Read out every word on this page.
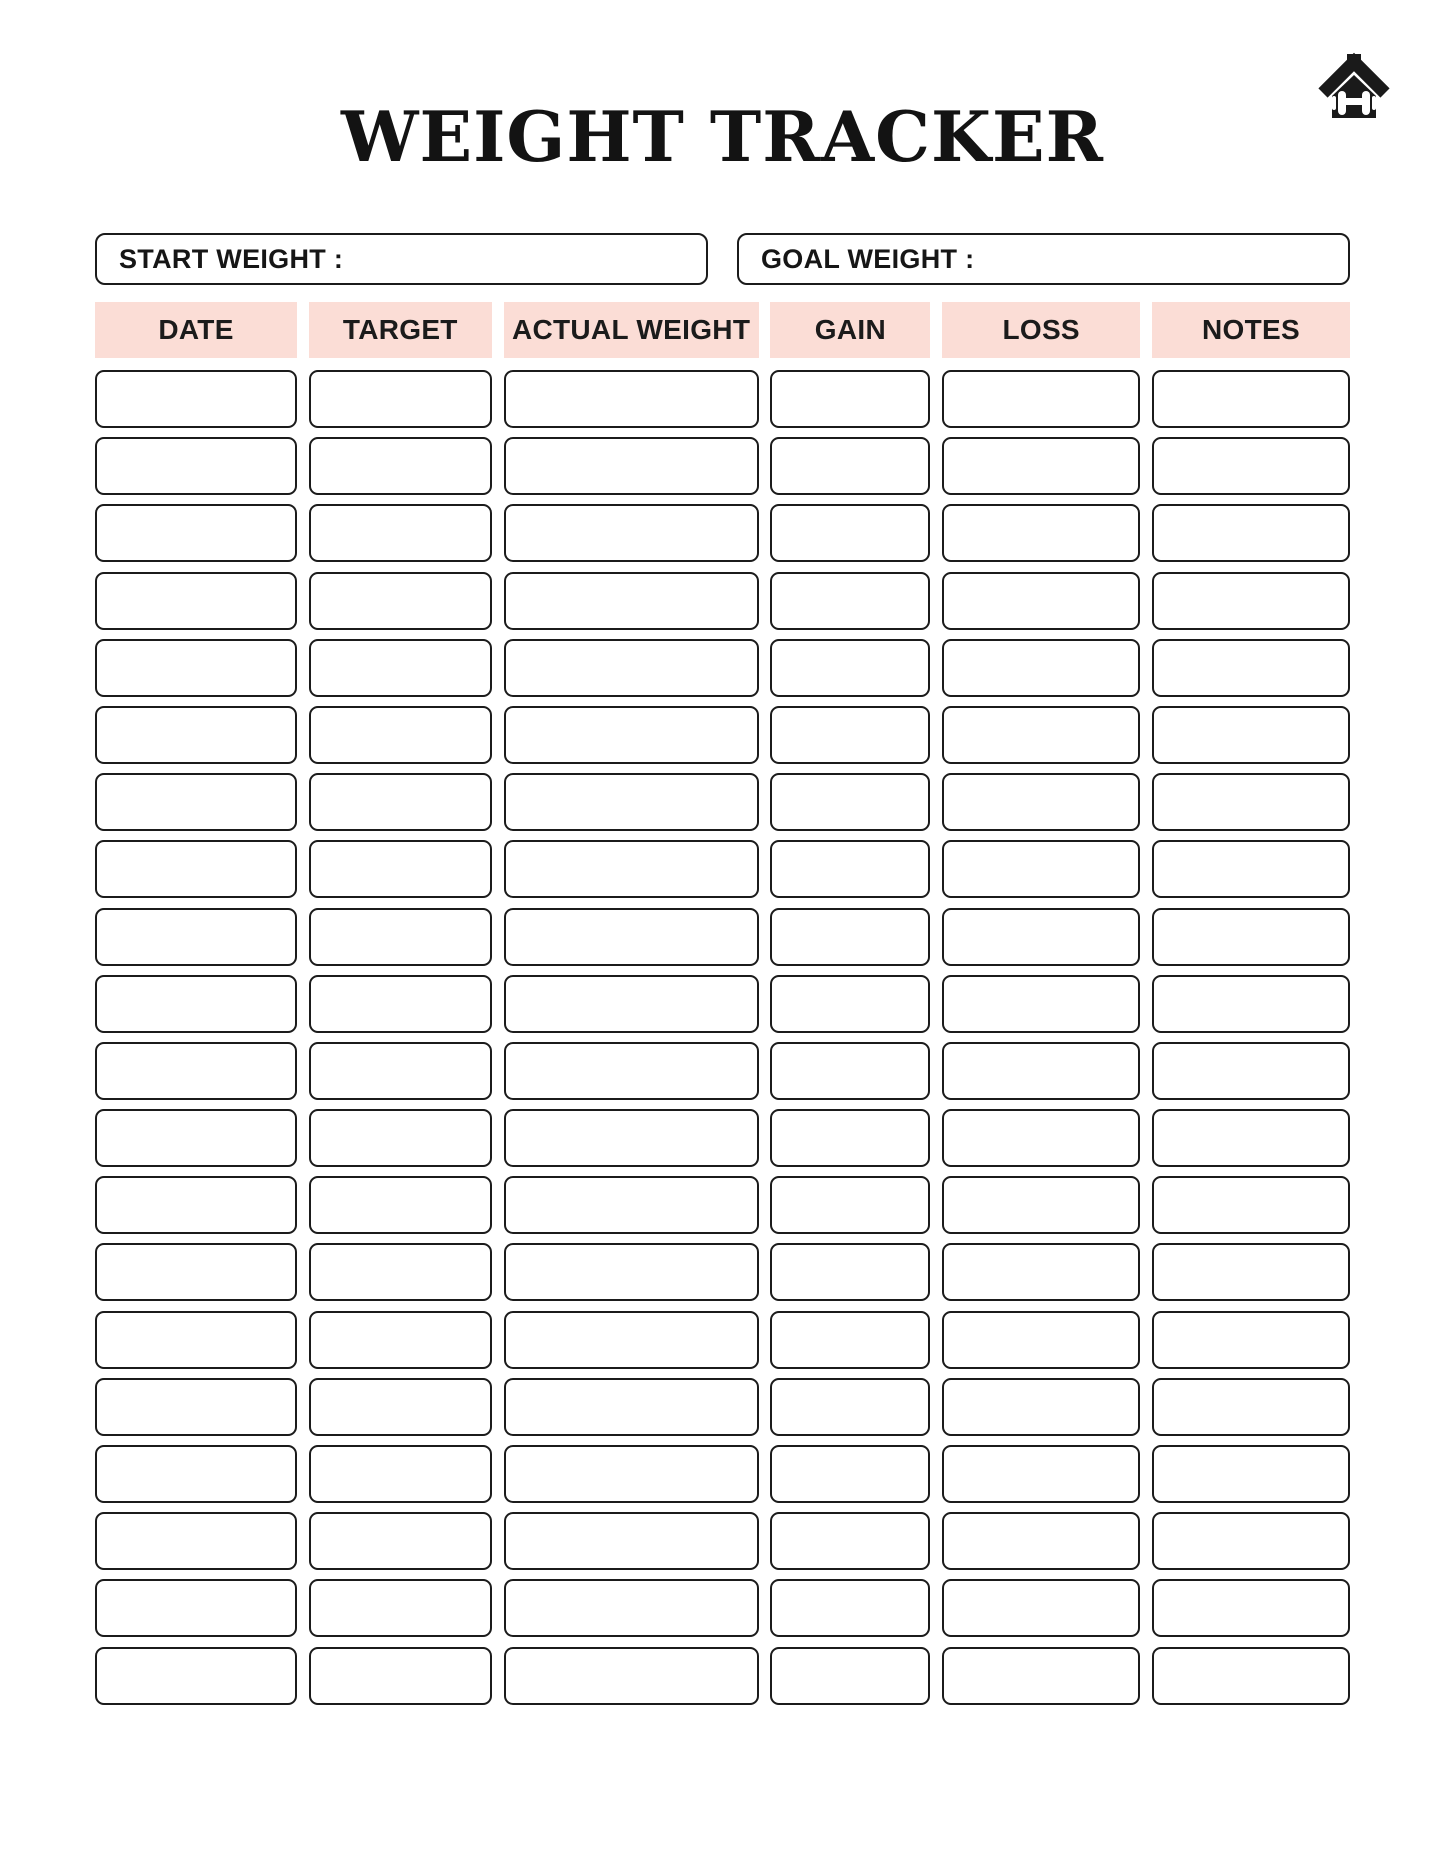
WEIGHT TRACKER
START WEIGHT :	GOAL WEIGHT :
DATE	TARGET	ACTUAL WEIGHT	GAIN	LOSS	NOTES
